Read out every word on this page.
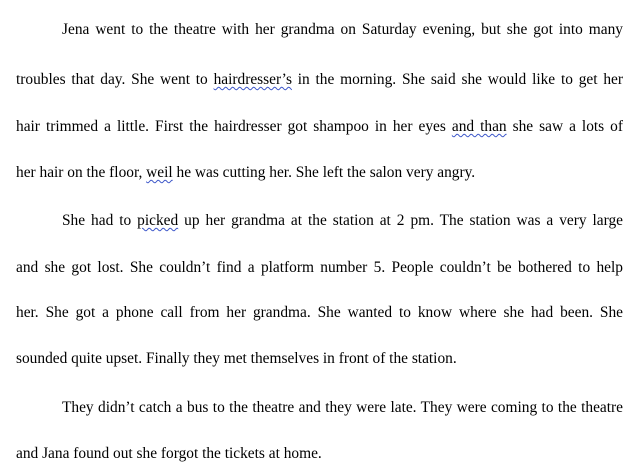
Jena went to the theatre with her grandma on Saturday evening, but she got into many
troubles that day. She went to hairdresser’s in the morning. She said she would like to get her
hair trimmed a little. First the hairdresser got shampoo in her eyes and than she saw a lots of
her hair on the floor, weil he was cutting her. She left the salon very angry.
She had to picked up her grandma at the station at 2 pm. The station was a very large
and she got lost. She couldn’t find a platform number 5. People couldn’t be bothered to help
her. She got a phone call from her grandma. She wanted to know where she had been. She
sounded quite upset. Finally they met themselves in front of the station.
They didn’t catch a bus to the theatre and they were late. They were coming to the theatre
and Jana found out she forgot the tickets at home.
